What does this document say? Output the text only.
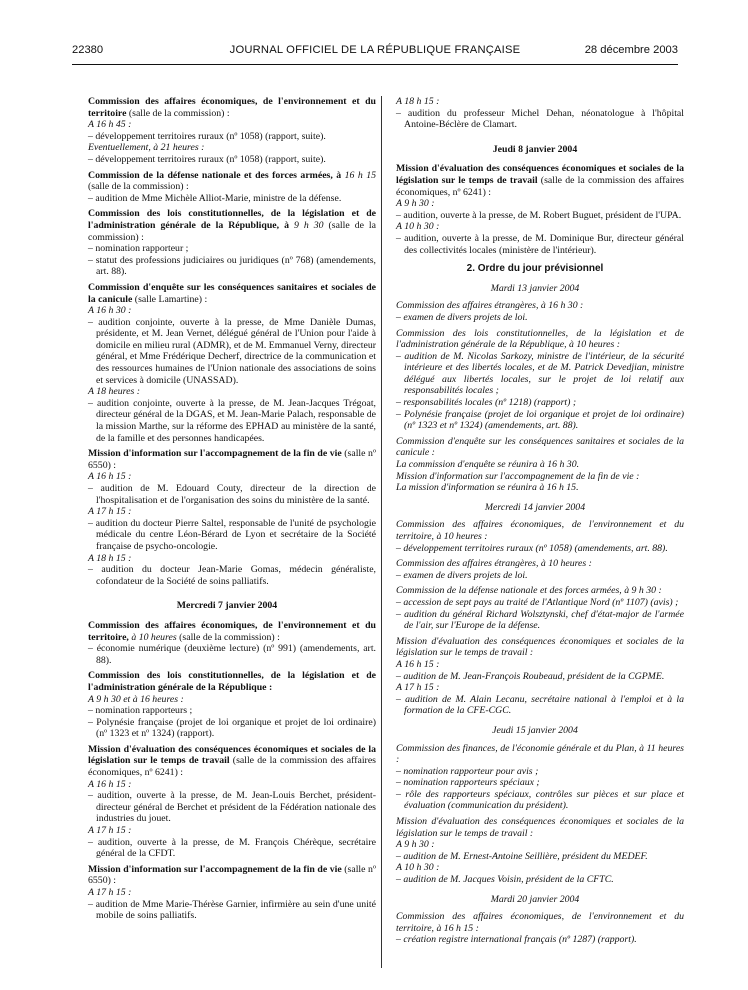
22380	JOURNAL OFFICIEL DE LA RÉPUBLIQUE FRANÇAISE	28 décembre 2003

Commission des affaires économiques, de l'environnement et du territoire (salle de la commission) :

A 16 h 45 :

– développement territoires ruraux (nº 1058) (rapport, suite).

Eventuellement, à 21 heures :

– développement territoires ruraux (nº 1058) (rapport, suite).

Commission de la défense nationale et des forces armées, à 16 h 15 (salle de la commission) :

– audition de Mme Michèle Alliot-Marie, ministre de la défense.

Commission des lois constitutionnelles, de la législation et de l'administration générale de la République, à 9 h 30 (salle de la commission) :

– nomination rapporteur ;

– statut des professions judiciaires ou juridiques (nº 768) (amendements, art. 88).

Commission d'enquête sur les conséquences sanitaires et sociales de la canicule (salle Lamartine) :

A 16 h 30 :

– audition conjointe, ouverte à la presse, de Mme Danièle Dumas, présidente, et M. Jean Vernet, délégué général de l'Union pour l'aide à domicile en milieu rural (ADMR), et de M. Emmanuel Verny, directeur général, et Mme Frédérique Decherf, directrice de la communication et des ressources humaines de l'Union nationale des associations de soins et services à domicile (UNASSAD).

A 18 heures :

– audition conjointe, ouverte à la presse, de M. Jean-Jacques Trégoat, directeur général de la DGAS, et M. Jean-Marie Palach, responsable de la mission Marthe, sur la réforme des EPHAD au ministère de la santé, de la famille et des personnes handicapées.

Mission d'information sur l'accompagnement de la fin de vie (salle nº 6550) :

A 16 h 15 :

– audition de M. Edouard Couty, directeur de la direction de l'hospitalisation et de l'organisation des soins du ministère de la santé.

A 17 h 15 :

– audition du docteur Pierre Saltel, responsable de l'unité de psychologie médicale du centre Léon-Bérard de Lyon et secrétaire de la Société française de psycho-oncologie.

A 18 h 15 :

– audition du docteur Jean-Marie Gomas, médecin généraliste, cofondateur de la Société de soins palliatifs.

Mercredi 7 janvier 2004

Commission des affaires économiques, de l'environnement et du territoire, à 10 heures (salle de la commission) :

– économie numérique (deuxième lecture) (nº 991) (amendements, art. 88).

Commission des lois constitutionnelles, de la législation et de l'administration générale de la République :

A 9 h 30 et à 16 heures :

– nomination rapporteurs ;

– Polynésie française (projet de loi organique et projet de loi ordinaire) (nº 1323 et nº 1324) (rapport).

Mission d'évaluation des conséquences économiques et sociales de la législation sur le temps de travail (salle de la commission des affaires économiques, nº 6241) :

A 16 h 15 :

– audition, ouverte à la presse, de M. Jean-Louis Berchet, président-directeur général de Berchet et président de la Fédération nationale des industries du jouet.

A 17 h 15 :

– audition, ouverte à la presse, de M. François Chérèque, secrétaire général de la CFDT.

Mission d'information sur l'accompagnement de la fin de vie (salle nº 6550) :

A 17 h 15 :

– audition de Mme Marie-Thérèse Garnier, infirmière au sein d'une unité mobile de soins palliatifs.

A 18 h 15 :

– audition du professeur Michel Dehan, néonatologue à l'hôpital Antoine-Béclère de Clamart.

Jeudi 8 janvier 2004

Mission d'évaluation des conséquences économiques et sociales de la législation sur le temps de travail (salle de la commission des affaires économiques, nº 6241) :

A 9 h 30 :

– audition, ouverte à la presse, de M. Robert Buguet, président de l'UPA.

A 10 h 30 :

– audition, ouverte à la presse, de M. Dominique Bur, directeur général des collectivités locales (ministère de l'intérieur).

2. Ordre du jour prévisionnel

Mardi 13 janvier 2004

Commission des affaires étrangères, à 16 h 30 :

– examen de divers projets de loi.

Commission des lois constitutionnelles, de la législation et de l'administration générale de la République, à 10 heures :

– audition de M. Nicolas Sarkozy, ministre de l'intérieur, de la sécurité intérieure et des libertés locales, et de M. Patrick Devedjian, ministre délégué aux libertés locales, sur le projet de loi relatif aux responsabilités locales ;

– responsabilités locales (nº 1218) (rapport) ;

– Polynésie française (projet de loi organique et projet de loi ordinaire) (nº 1323 et nº 1324) (amendements, art. 88).

Commission d'enquête sur les conséquences sanitaires et sociales de la canicule :

La commission d'enquête se réunira à 16 h 30.

Mission d'information sur l'accompagnement de la fin de vie :

La mission d'information se réunira à 16 h 15.

Mercredi 14 janvier 2004

Commission des affaires économiques, de l'environnement et du territoire, à 10 heures :

– développement territoires ruraux (nº 1058) (amendements, art. 88).

Commission des affaires étrangères, à 10 heures :

– examen de divers projets de loi.

Commission de la défense nationale et des forces armées, à 9 h 30 :

– accession de sept pays au traité de l'Atlantique Nord (nº 1107) (avis) ;

– audition du général Richard Wolsztynski, chef d'état-major de l'armée de l'air, sur l'Europe de la défense.

Mission d'évaluation des conséquences économiques et sociales de la législation sur le temps de travail :

A 16 h 15 :

– audition de M. Jean-François Roubeaud, président de la CGPME.

A 17 h 15 :

– audition de M. Alain Lecanu, secrétaire national à l'emploi et à la formation de la CFE-CGC.

Jeudi 15 janvier 2004

Commission des finances, de l'économie générale et du Plan, à 11 heures :

– nomination rapporteur pour avis ;

– nomination rapporteurs spéciaux ;

– rôle des rapporteurs spéciaux, contrôles sur pièces et sur place et évaluation (communication du président).

Mission d'évaluation des conséquences économiques et sociales de la législation sur le temps de travail :

A 9 h 30 :

– audition de M. Ernest-Antoine Seillière, président du MEDEF.

A 10 h 30 :

– audition de M. Jacques Voisin, président de la CFTC.

Mardi 20 janvier 2004

Commission des affaires économiques, de l'environnement et du territoire, à 16 h 15 :

– création registre international français (nº 1287) (rapport).
